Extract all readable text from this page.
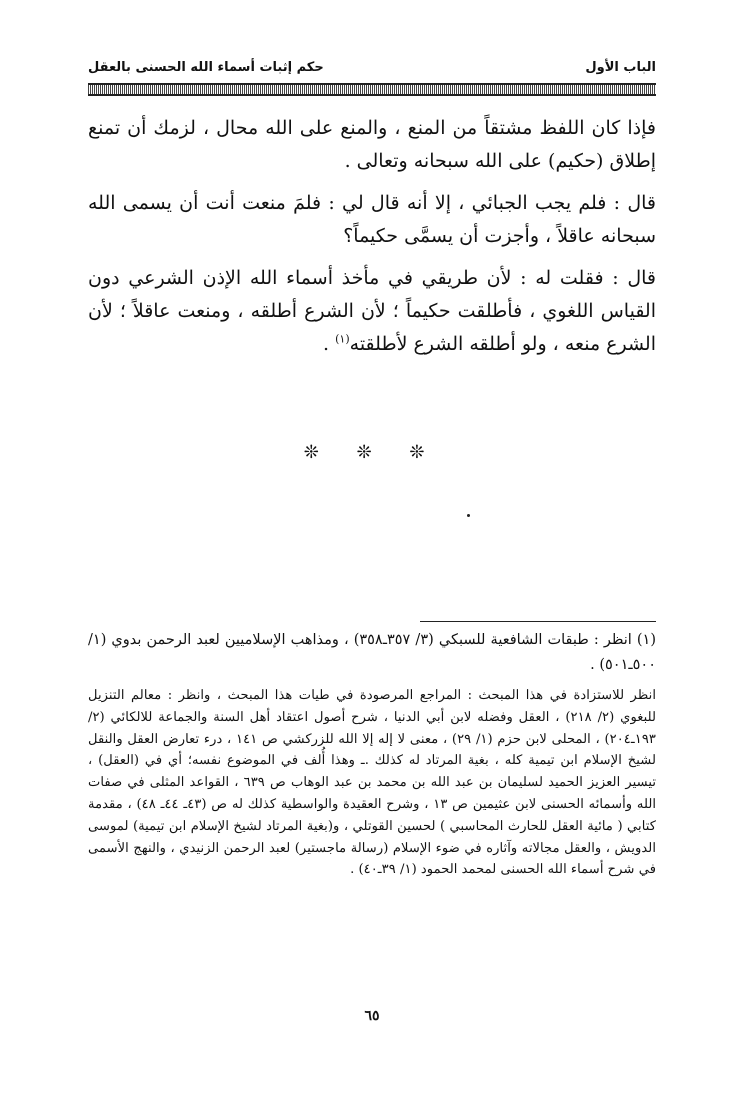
الباب الأول
حكم إثبات أسماء الله الحسنى بالعقل

فإذا كان اللفظ مشتقاً من المنع ، والمنع على الله محال ، لزمك أن تمنع إطلاق (حكيم) على الله سبحانه وتعالى .

قال : فلم يجب الجبائي ، إلا أنه قال لي : فلمَ منعت أنت أن يسمى الله سبحانه عاقلاً ، وأجزت أن يسمَّى حكيماً؟

قال : فقلت له : لأن طريقي في مأخذ أسماء الله الإذن الشرعي دون القياس اللغوي ، فأطلقت حكيماً ؛ لأن الشرع أطلقه ، ومنعت عاقلاً ؛ لأن الشرع منعه ، ولو أطلقه الشرع لأطلقته$^{(١)}$ .

❊ ❊ ❊

(١) انظر : طبقات الشافعية للسبكي (٣/ ٣٥٧ـ٣٥٨) ، ومذاهب الإسلاميين لعبد الرحمن بدوي (١/ ٥٠٠ـ٥٠١) .

انظر للاستزادة في هذا المبحث : المراجع المرصودة في طيات هذا المبحث ، وانظر : معالم التنزيل للبغوي (٢/ ٢١٨) ، العقل وفضله لابن أبي الدنيا ، شرح أصول اعتقاد أهل السنة والجماعة للالكائي (٢/ ١٩٣ـ٢٠٤) ، المحلى لابن حزم (١/ ٢٩) ، معنى لا إله إلا الله للزركشي ص ١٤١ ، درء تعارض العقل والنقل لشيخ الإسلام ابن تيمية كله ، بغية المرتاد له كذلك .ـ وهذا أُلف في الموضوع نفسه؛ أي في (العقل) ، تيسير العزيز الحميد لسليمان بن عبد الله بن محمد بن عبد الوهاب ص ٦٣٩ ، القواعد المثلى في صفات الله وأسمائه الحسنى لابن عثيمين ص ١٣ ، وشرح العقيدة والواسطية كذلك له ص (٤٣ـ ٤٤ـ ٤٨) ، مقدمة كتابي ( مائية العقل للحارث المحاسبي ) لحسين القوتلي ، و(بغية المرتاد لشيخ الإسلام ابن تيمية) لموسى الدويش ، والعقل مجالاته وآثاره في ضوء الإسلام (رسالة ماجستير) لعبد الرحمن الزنيدي ، والنهج الأسمى في شرح أسماء الله الحسنى لمحمد الحمود (١/ ٣٩ـ٤٠) .

٦٥
